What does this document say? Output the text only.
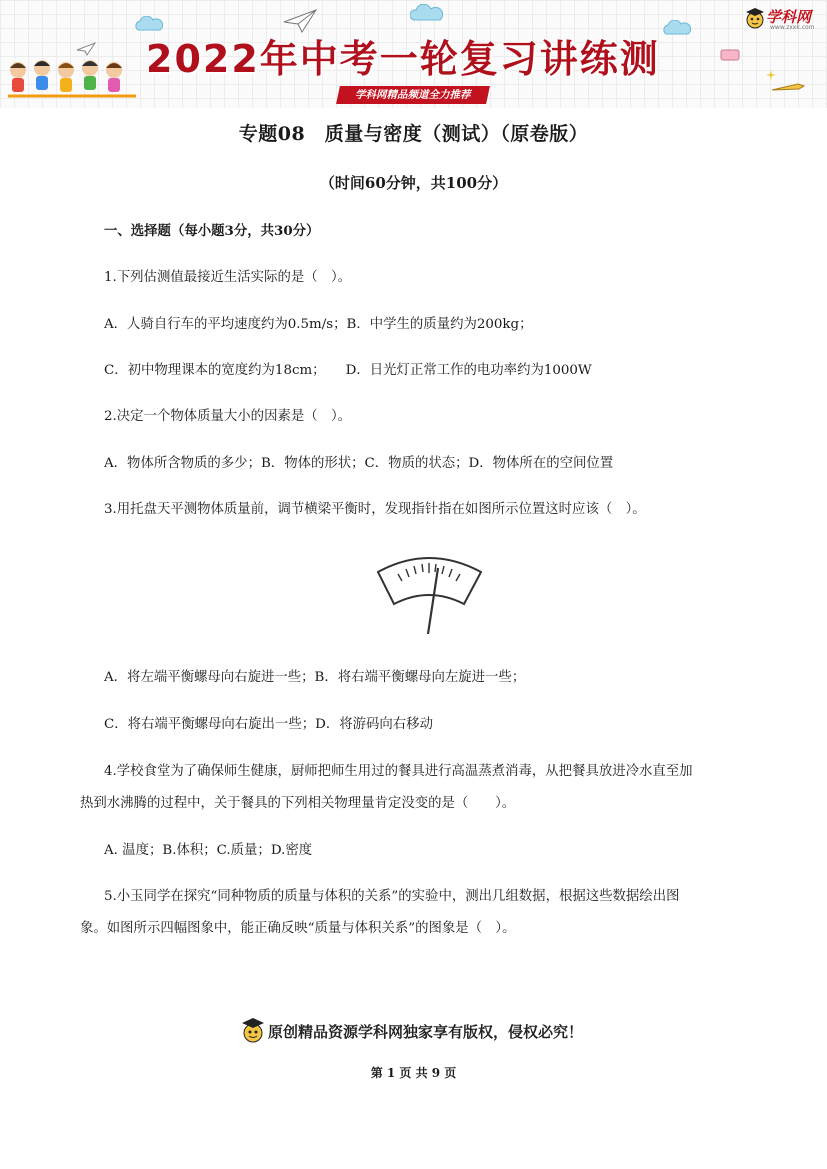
2022年中考一轮复习讲练测
学科网精品频道全力推荐
学科网
www.zxxk.com
专题08　质量与密度（测试）（原卷版）
（时间60分钟，共100分）
一、选择题（每小题3分，共30分）
1.下列估测值最接近生活实际的是（　）。
A．人骑自行车的平均速度约为0.5m/s；B．中学生的质量约为200kg；
C．初中物理课本的宽度约为18cm；　　D．日光灯正常工作的电功率约为1000W
2.决定一个物体质量大小的因素是（　）。
A．物体所含物质的多少；B．物体的形状；C．物质的状态；D．物体所在的空间位置
3.用托盘天平测物体质量前，调节横梁平衡时，发现指针指在如图所示位置这时应该（　）。
A．将左端平衡螺母向右旋进一些；B．将右端平衡螺母向左旋进一些；
C．将右端平衡螺母向右旋出一些；D．将游码向右移动
4.学校食堂为了确保师生健康，厨师把师生用过的餐具进行高温蒸煮消毒，从把餐具放进冷水直至加
热到水沸腾的过程中，关于餐具的下列相关物理量肯定没变的是（　　）。
A. 温度；B.体积；C.质量；D.密度
5.小玉同学在探究“同种物质的质量与体积的关系”的实验中，测出几组数据，根据这些数据绘出图
象。如图所示四幅图象中，能正确反映“质量与体积关系”的图象是（　）。
原创精品资源学科网独家享有版权，侵权必究！
第 1 页 共 9 页
